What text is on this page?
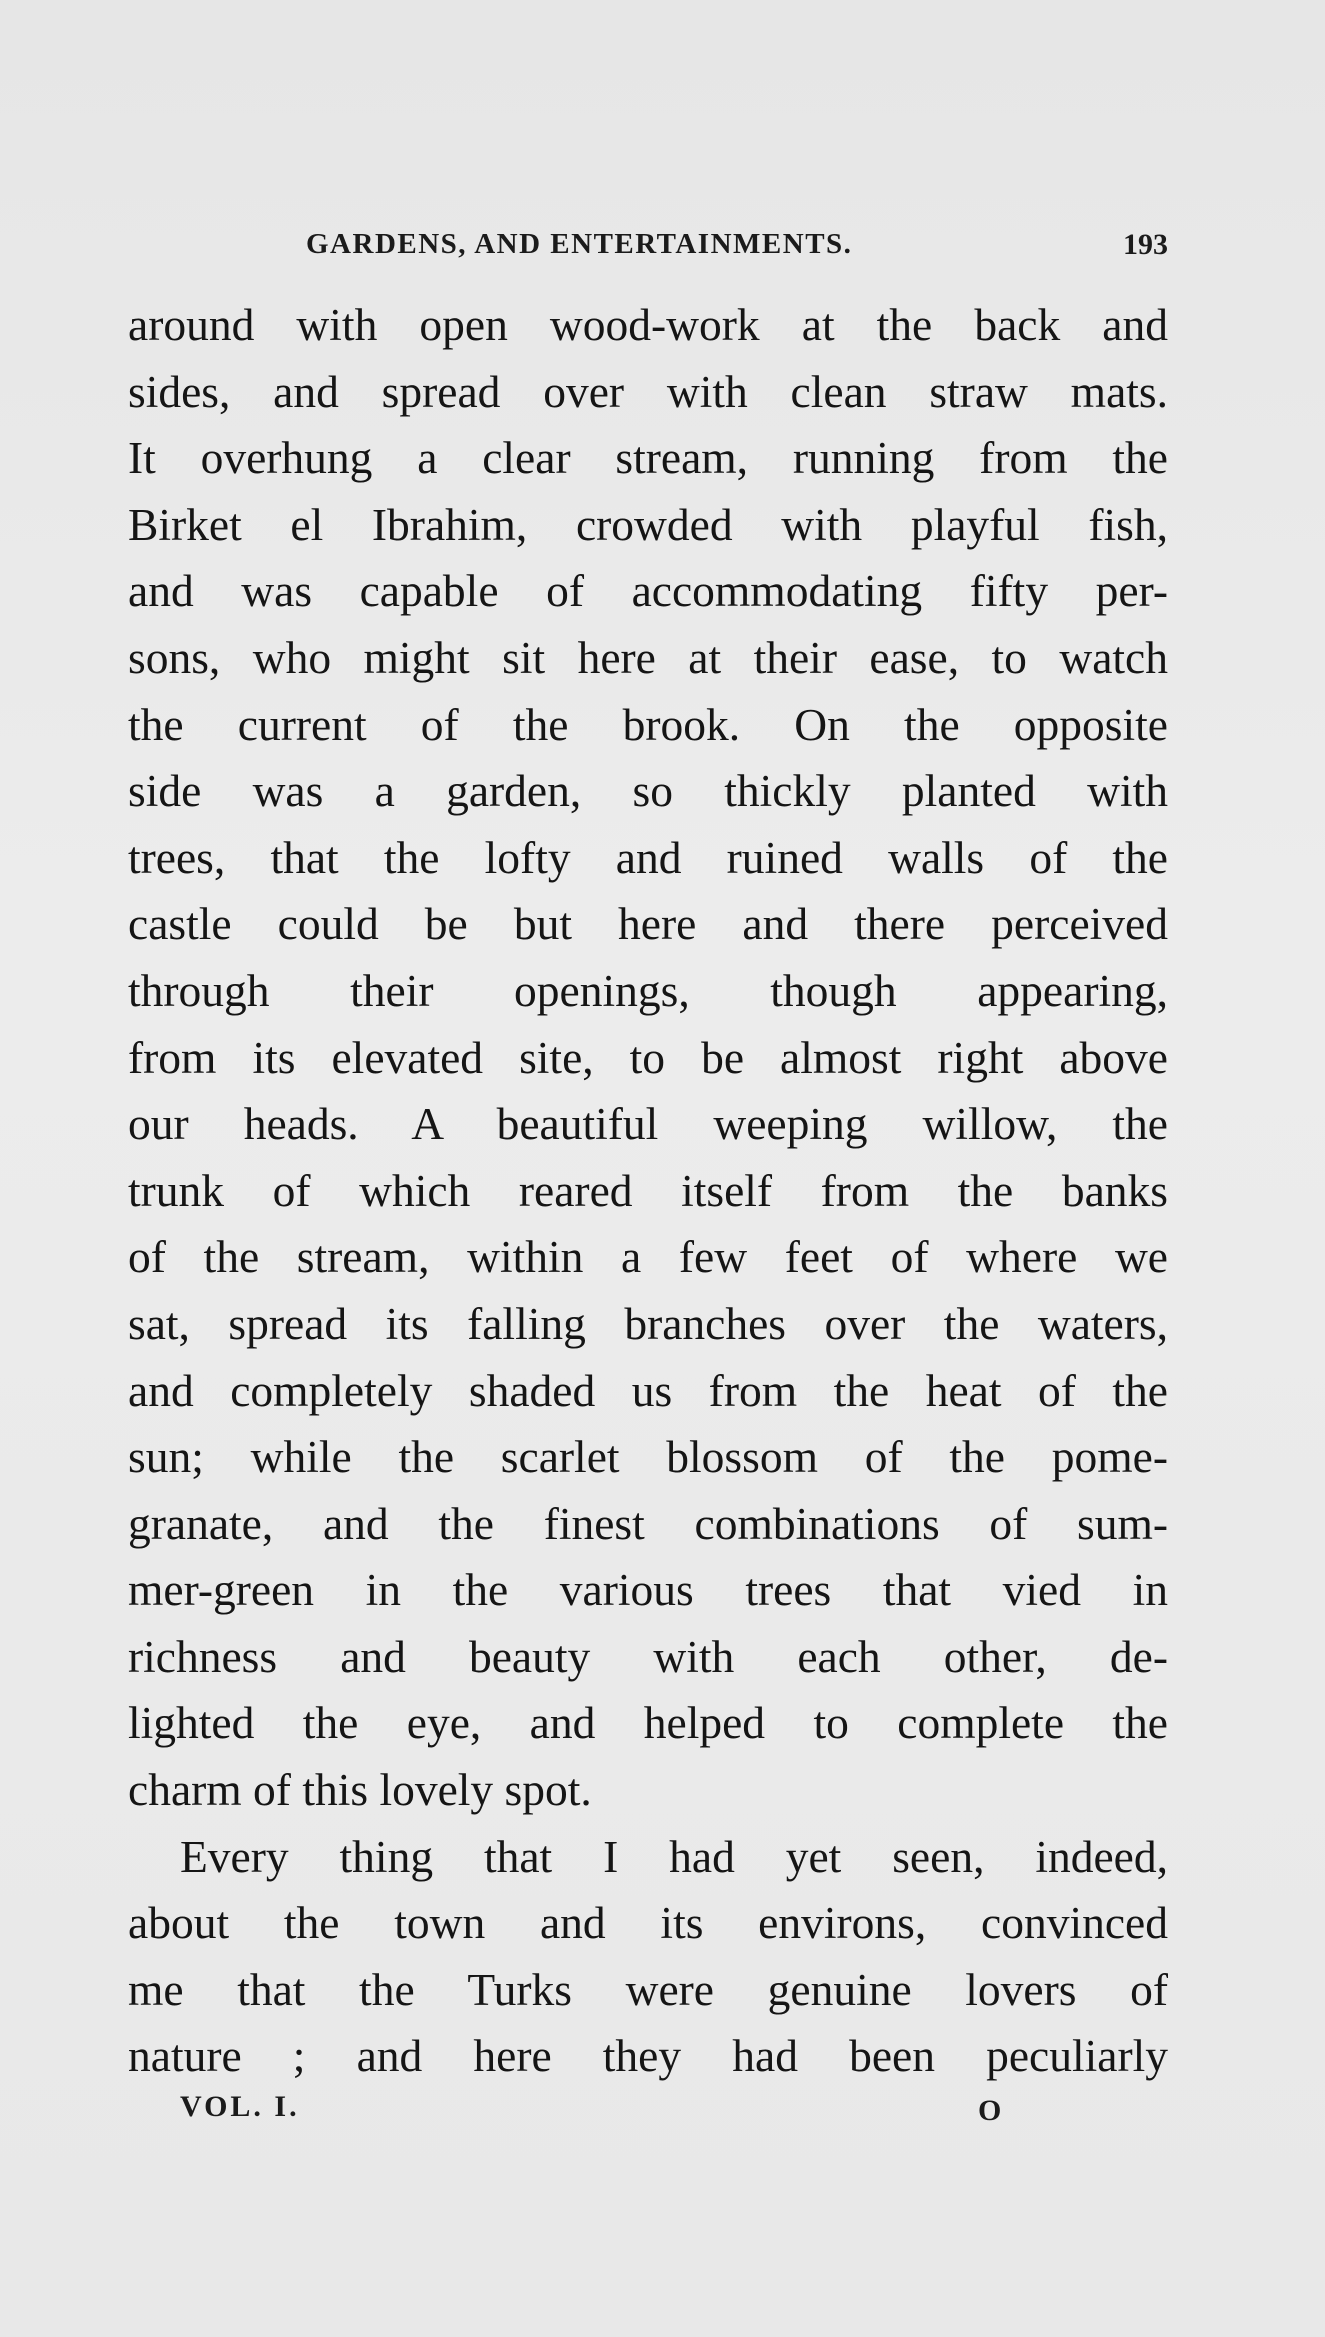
GARDENS, AND ENTERTAINMENTS.	193
around with open wood-work at the back and
sides, and spread over with clean straw mats.
It overhung a clear stream, running from the
Birket el Ibrahim, crowded with playful fish,
and was capable of accommodating fifty per-
sons, who might sit here at their ease, to watch
the current of the brook. On the opposite
side was a garden, so thickly planted with
trees, that the lofty and ruined walls of the
castle could be but here and there perceived
through their openings, though appearing,
from its elevated site, to be almost right above
our heads. A beautiful weeping willow, the
trunk of which reared itself from the banks
of the stream, within a few feet of where we
sat, spread its falling branches over the waters,
and completely shaded us from the heat of the
sun; while the scarlet blossom of the pome-
granate, and the finest combinations of sum-
mer-green in the various trees that vied in
richness and beauty with each other, de-
lighted the eye, and helped to complete the
charm of this lovely spot.
Every thing that I had yet seen, indeed,
about the town and its environs, convinced
me that the Turks were genuine lovers of
nature ; and here they had been peculiarly
VOL. I.	O
